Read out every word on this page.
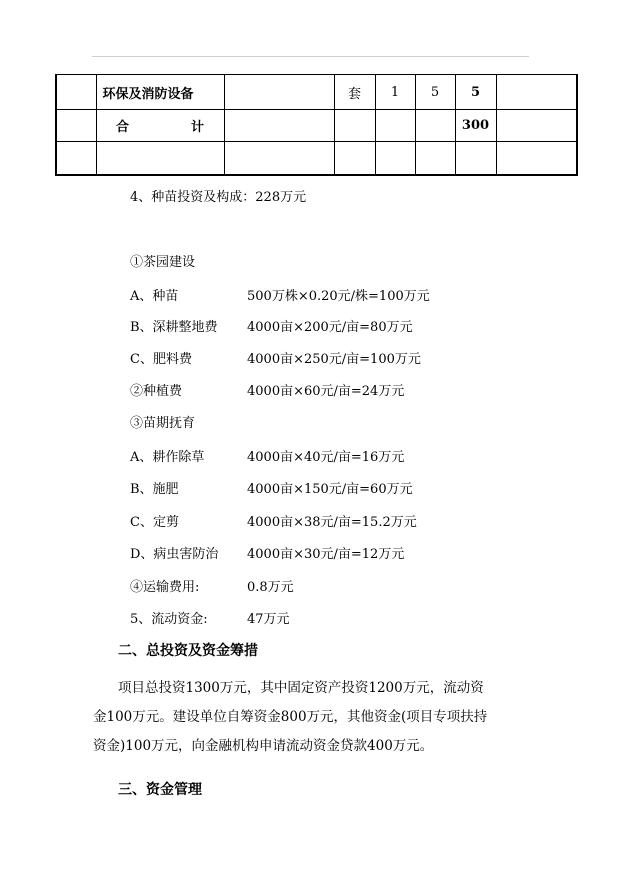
	环保及消防设备		套	1	5	5	
	合 计					300	

4、种苗投资及构成：228万元
①茶园建设
A、种苗	500万株×0.20元/株=100万元
B、深耕整地费 4000亩×200元/亩=80万元
C、肥料费	4000亩×250元/亩=100万元
②种植费	4000亩×60元/亩=24万元
③苗期抚育
A、耕作除草	4000亩×40元/亩=16万元
B、施肥	4000亩×150元/亩=60万元
C、定剪	4000亩×38元/亩=15.2万元
D、病虫害防治 4000亩×30元/亩=12万元
④运输费用:	0.8万元
5、流动资金:	47万元
二、总投资及资金筹措
项目总投资1300万元，其中固定资产投资1200万元，流动资
金100万元。建设单位自筹资金800万元，其他资金(项目专项扶持
资金)100万元，向金融机构申请流动资金贷款400万元。
三、资金管理
